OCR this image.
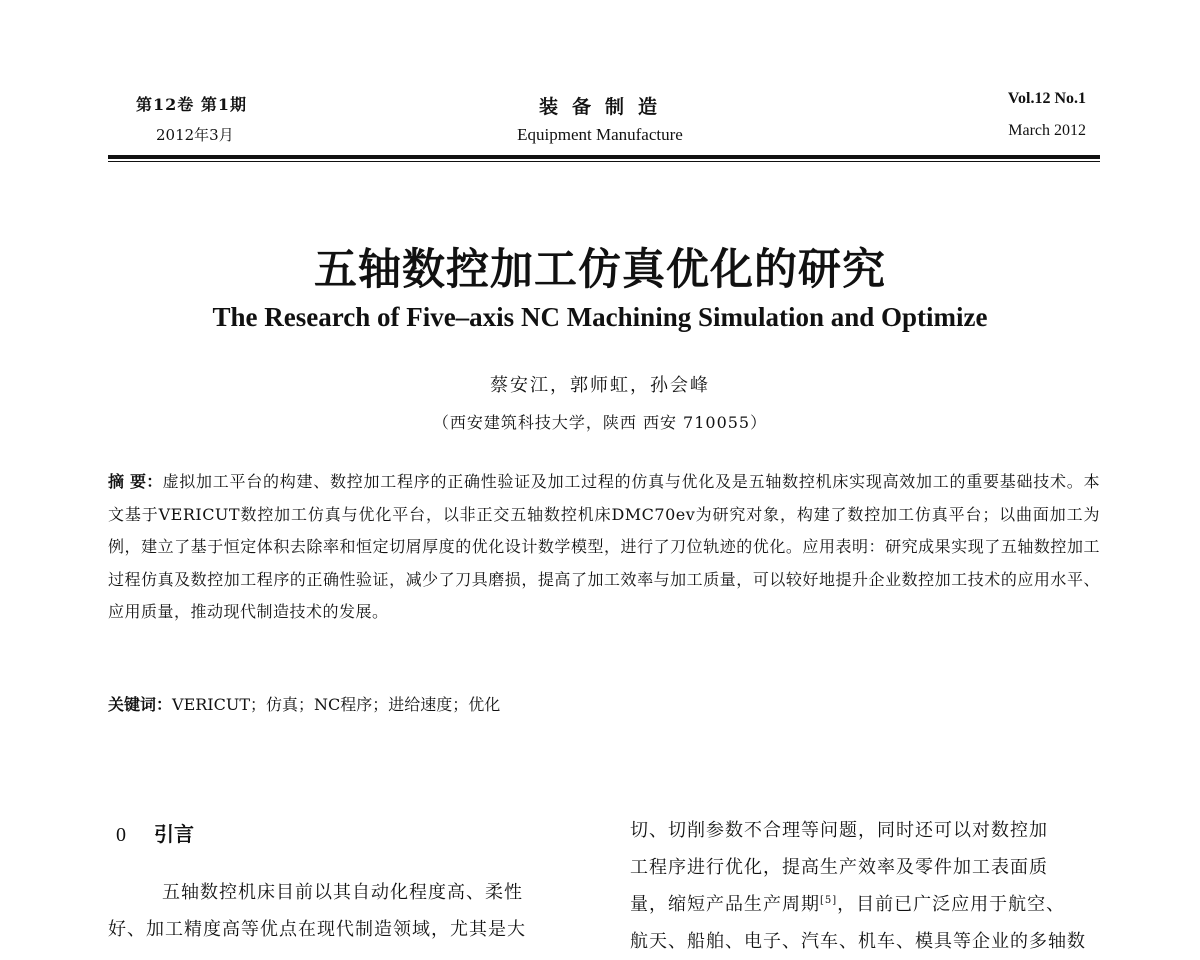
第12卷 第1期
2012年3月
装备制造
Equipment Manufacture
Vol.12 No.1
March 2012
五轴数控加工仿真优化的研究
The Research of Five–axis NC Machining Simulation and Optimize
蔡安江，郭师虹，孙会峰
（西安建筑科技大学，陕西 西安 710055）
摘 要：虚拟加工平台的构建、数控加工程序的正确性验证及加工过程的仿真与优化及是五轴数控机床实现高效加工的重要基础技术。本文基于VERICUT数控加工仿真与优化平台，以非正交五轴数控机床DMC70ev为研究对象，构建了数控加工仿真平台；以曲面加工为例，建立了基于恒定体积去除率和恒定切屑厚度的优化设计数学模型，进行了刀位轨迹的优化。应用表明：研究成果实现了五轴数控加工过程仿真及数控加工程序的正确性验证，减少了刀具磨损，提高了加工效率与加工质量，可以较好地提升企业数控加工技术的应用水平、应用质量，推动现代制造技术的发展。
关键词：VERICUT；仿真；NC程序；进给速度；优化
0 引言
五轴数控机床目前以其自动化程度高、柔性
好、加工精度高等优点在现代制造领域，尤其是大
切、切削参数不合理等问题，同时还可以对数控加
工程序进行优化，提高生产效率及零件加工表面质
量，缩短产品生产周期[5]，目前已广泛应用于航空、
航天、船舶、电子、汽车、机车、模具等企业的多轴数
